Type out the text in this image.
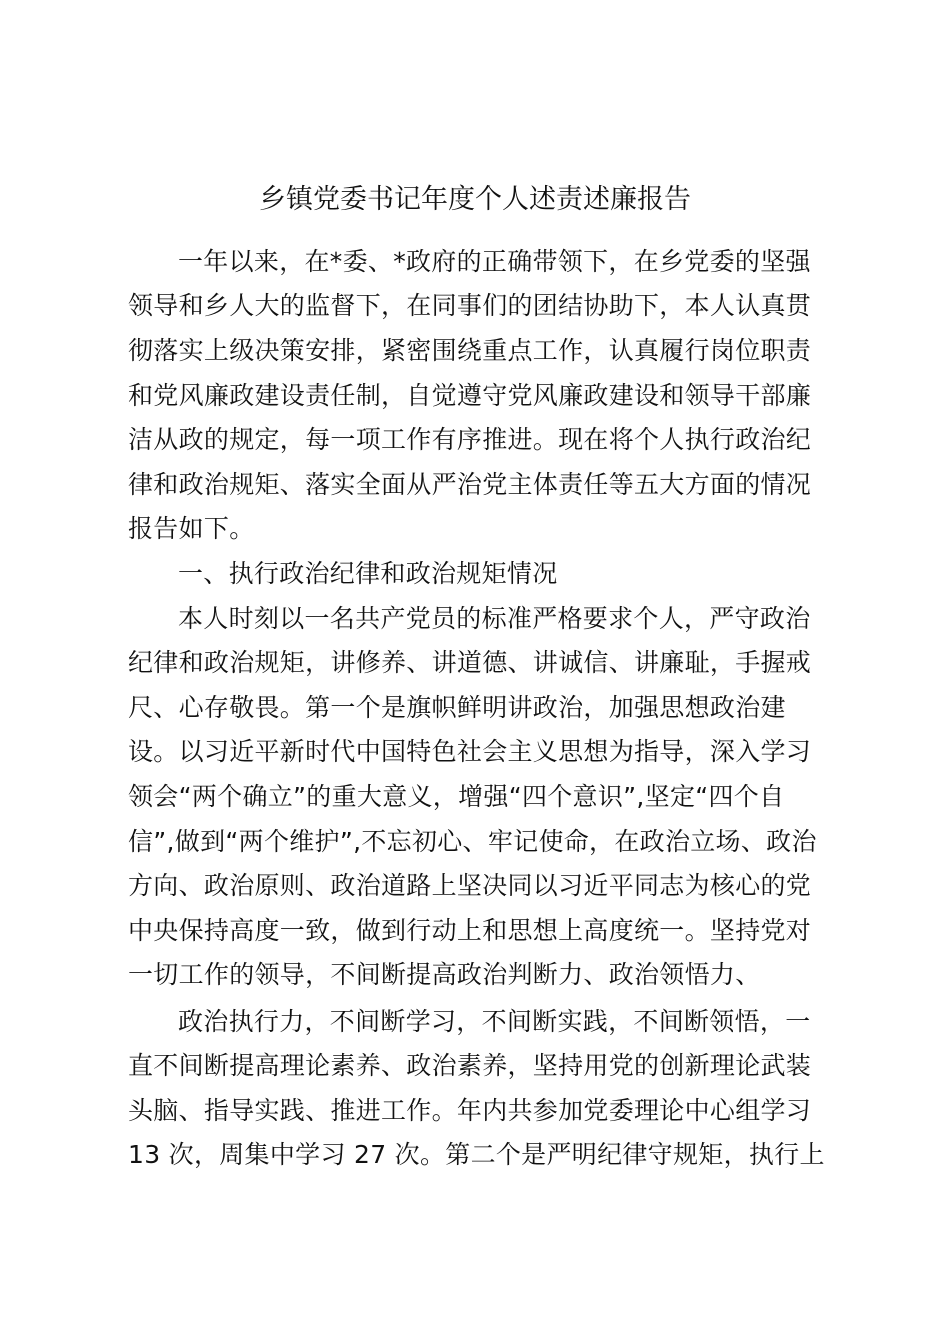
乡镇党委书记年度个人述责述廉报告
一年以来，在*委、*政府的正确带领下，在乡党委的坚强
领导和乡人大的监督下，在同事们的团结协助下，本人认真贯
彻落实上级决策安排，紧密围绕重点工作，认真履行岗位职责
和党风廉政建设责任制，自觉遵守党风廉政建设和领导干部廉
洁从政的规定，每一项工作有序推进。现在将个人执行政治纪
律和政治规矩、落实全面从严治党主体责任等五大方面的情况
报告如下。
一、执行政治纪律和政治规矩情况
本人时刻以一名共产党员的标准严格要求个人，严守政治
纪律和政治规矩，讲修养、讲道德、讲诚信、讲廉耻，手握戒
尺、心存敬畏。第一个是旗帜鲜明讲政治，加强思想政治建
设。以习近平新时代中国特色社会主义思想为指导，深入学习
领会“两个确立”的重大意义，增强“四个意识”,坚定“四个自
信”,做到“两个维护”,不忘初心、牢记使命，在政治立场、政治
方向、政治原则、政治道路上坚决同以习近平同志为核心的党
中央保持高度一致，做到行动上和思想上高度统一。坚持党对
一切工作的领导，不间断提高政治判断力、政治领悟力、
政治执行力，不间断学习，不间断实践，不间断领悟，一
直不间断提高理论素养、政治素养，坚持用党的创新理论武装
头脑、指导实践、推进工作。年内共参加党委理论中心组学习
13 次，周集中学习 27 次。第二个是严明纪律守规矩，执行上
